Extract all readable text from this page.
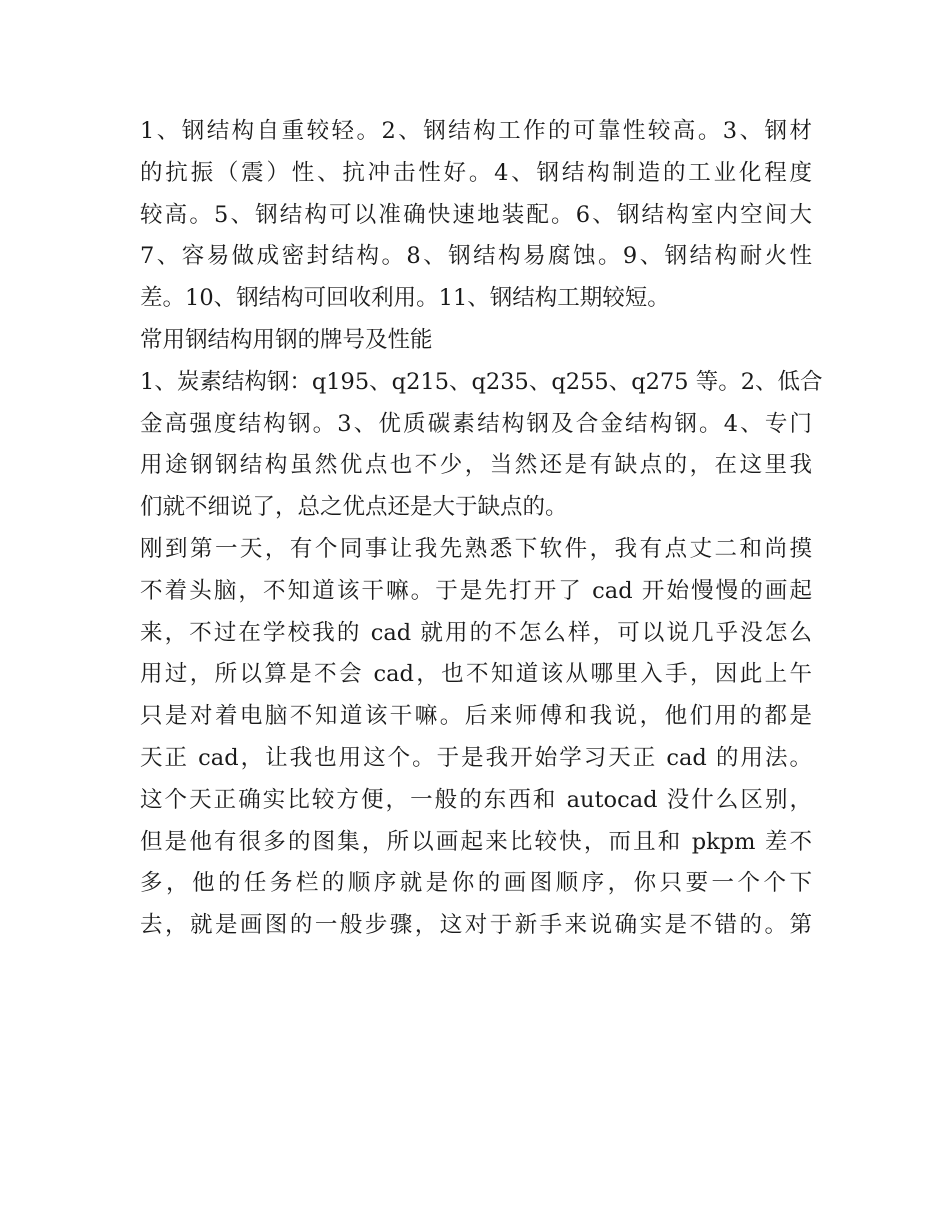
1、钢结构自重较轻。2、钢结构工作的可靠性较高。3、钢材
的抗振（震）性、抗冲击性好。4、钢结构制造的工业化程度
较高。5、钢结构可以准确快速地装配。6、钢结构室内空间大
7、容易做成密封结构。8、钢结构易腐蚀。9、钢结构耐火性
差。10、钢结构可回收利用。11、钢结构工期较短。
常用钢结构用钢的牌号及性能
1、炭素结构钢：q195、q215、q235、q255、q275 等。2、低合
金高强度结构钢。3、优质碳素结构钢及合金结构钢。4、专门
用途钢钢结构虽然优点也不少，当然还是有缺点的，在这里我
们就不细说了，总之优点还是大于缺点的。
刚到第一天，有个同事让我先熟悉下软件，我有点丈二和尚摸
不着头脑，不知道该干嘛。于是先打开了 cad 开始慢慢的画起
来，不过在学校我的 cad 就用的不怎么样，可以说几乎没怎么
用过，所以算是不会 cad，也不知道该从哪里入手，因此上午
只是对着电脑不知道该干嘛。后来师傅和我说，他们用的都是
天正 cad，让我也用这个。于是我开始学习天正 cad 的用法。
这个天正确实比较方便，一般的东西和 autocad 没什么区别，
但是他有很多的图集，所以画起来比较快，而且和 pkpm 差不
多，他的任务栏的顺序就是你的画图顺序，你只要一个个下
去，就是画图的一般步骤，这对于新手来说确实是不错的。第
